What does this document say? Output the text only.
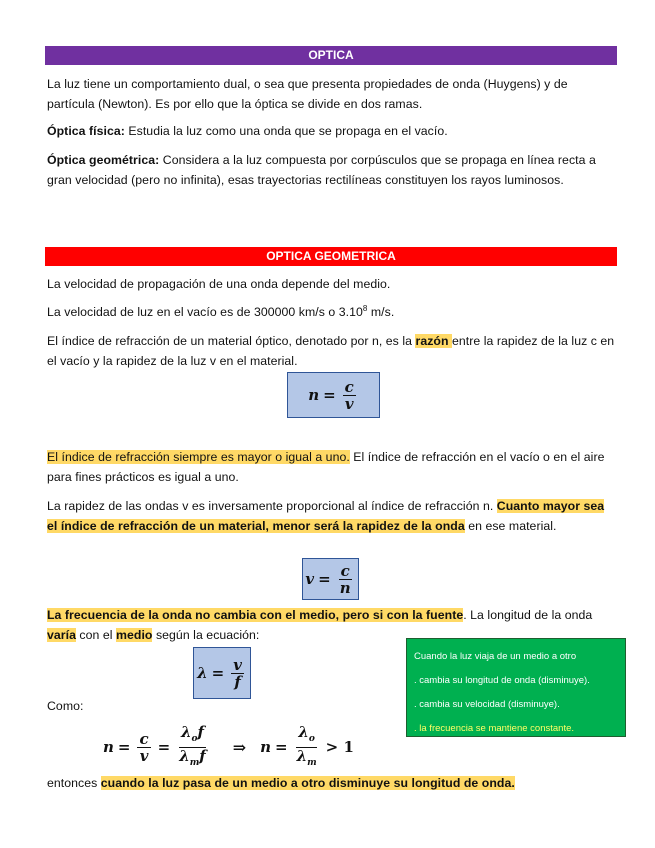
OPTICA

La luz tiene un comportamiento dual, o sea que presenta propiedades de onda (Huygens) y de partícula (Newton). Es por ello que la óptica se divide en dos ramas.

Óptica física: Estudia la luz como una onda que se propaga en el vacío.

Óptica geométrica: Considera a la luz compuesta por corpúsculos que se propaga en línea recta a gran velocidad (pero no infinita), esas trayectorias rectilíneas constituyen los rayos luminosos.

OPTICA GEOMETRICA

La velocidad de propagación de una onda depende del medio.

La velocidad de luz en el vacío es de 300000 km/s o 3.10$^8$ m/s.

El índice de refracción de un material óptico, denotado por n, es la razón entre la rapidez de la luz c en el vacío y la rapidez de la luz v en el material.

$n = \frac{c}{v}$

El índice de refracción siempre es mayor o igual a uno. El índice de refracción en el vacío o en el aire para fines prácticos es igual a uno.

La rapidez de las ondas v es inversamente proporcional al índice de refracción n. Cuanto mayor sea el índice de refracción de un material, menor será la rapidez de la onda en ese material.

$v = \frac{c}{n}$

La frecuencia de la onda no cambia con el medio, pero si con la fuente. La longitud de la onda varía con el medio según la ecuación:

$\lambda = \frac{v}{f}$	Cuando la luz viaja de un medio a otro
. cambia su longitud de onda (disminuye).
. cambia su velocidad (disminuye).
. la frecuencia se mantiene constante.

Como:

$n = \frac{c}{v} = \frac{\lambda_of}{\lambda_mf}$ ⇒ $n = \frac{\lambda_o}{\lambda_m} > 1$

entonces cuando la luz pasa de un medio a otro disminuye su longitud de onda.
